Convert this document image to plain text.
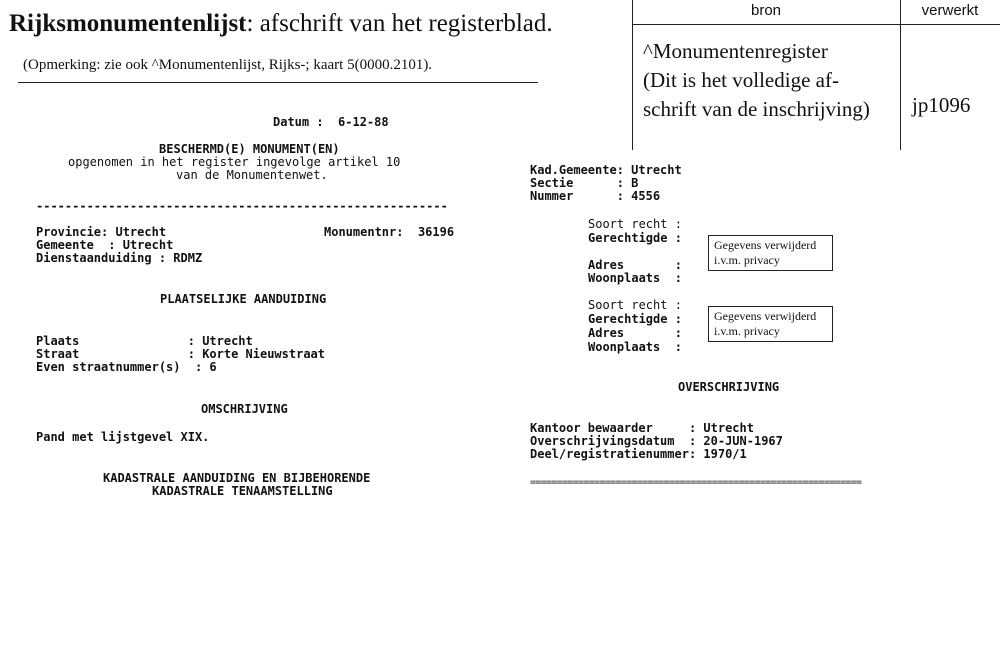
Rijksmonumentenlijst: afschrift van het registerblad.
(Opmerking: zie ook ^Monumentenlijst, Rijks-; kaart 5(0000.2101).
bron	verwerkt
^Monumentenregister
(Dit is het volledige af-
schrift van de inschrijving) jp1096
Datum : 6-12-88
BESCHERMD(E) MONUMENT(EN)
opgenomen in het register ingevolge artikel 10
van de Monumentenwet.
---------------------------------------------------------
Provincie: Utrecht	Monumentnr: 36196
Gemeente  : Utrecht
Dienstaanduiding : RDMZ
PLAATSELIJKE AANDUIDING
Plaats               : Utrecht
Straat               : Korte Nieuwstraat
Even straatnummer(s)  : 6
OMSCHRIJVING
Pand met lijstgevel XIX.
KADASTRALE AANDUIDING EN BIJBEHORENDE
KADASTRALE TENAAMSTELLING
Kad.Gemeente: Utrecht
Sectie      : B
Nummer      : 4556
Soort recht :
Gerechtigde :
Adres       :
Woonplaats  :
Gegevens verwijderd
i.v.m. privacy
Soort recht :
Gerechtigde :
Adres       :
Woonplaats  :
Gegevens verwijderd
i.v.m. privacy
OVERSCHRIJVING
Kantoor bewaarder     : Utrecht
Overschrijvingsdatum  : 20-JUN-1967
Deel/registratienummer: 1970/1
==============================================================
